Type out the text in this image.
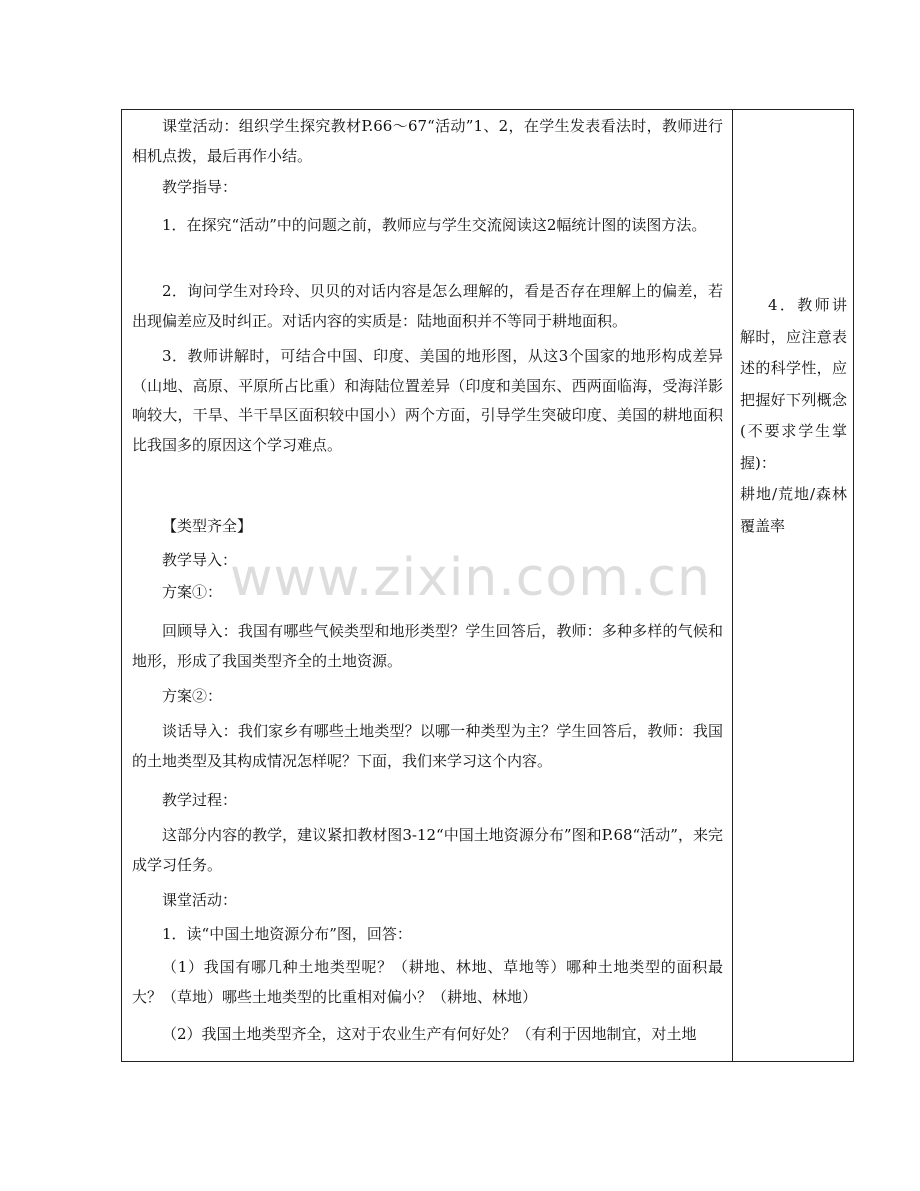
课堂活动：组织学生探究教材P.66～67“活动”1、2，在学生发表看法时，教师进行相机点拨，最后再作小结。

教学指导：

1．在探究“活动”中的问题之前，教师应与学生交流阅读这2幅统计图的读图方法。

2．询问学生对玲玲、贝贝的对话内容是怎么理解的，看是否存在理解上的偏差，若出现偏差应及时纠正。对话内容的实质是：陆地面积并不等同于耕地面积。

3．教师讲解时，可结合中国、印度、美国的地形图，从这3个国家的地形构成差异（山地、高原、平原所占比重）和海陆位置差异（印度和美国东、西两面临海，受海洋影响较大，干旱、半干旱区面积较中国小）两个方面，引导学生突破印度、美国的耕地面积比我国多的原因这个学习难点。

【类型齐全】

教学导入：

方案①：

回顾导入：我国有哪些气候类型和地形类型？学生回答后，教师：多种多样的气候和地形，形成了我国类型齐全的土地资源。

方案②：

谈话导入：我们家乡有哪些土地类型？以哪一种类型为主？学生回答后，教师：我国的土地类型及其构成情况怎样呢？下面，我们来学习这个内容。

教学过程：

这部分内容的教学，建议紧扣教材图3-12“中国土地资源分布”图和P.68“活动”，来完成学习任务。

课堂活动：

1．读“中国土地资源分布”图，回答：

（1）我国有哪几种土地类型呢？（耕地、林地、草地等）哪种土地类型的面积最大？（草地）哪些土地类型的比重相对偏小？（耕地、林地）

（2）我国土地类型齐全，这对于农业生产有何好处？（有利于因地制宜，对土地

4．教师讲解时，应注意表述的科学性，应把握好下列概念(不要求学生掌握)：
耕地/荒地/森林覆盖率

www.zixin.com.cn
